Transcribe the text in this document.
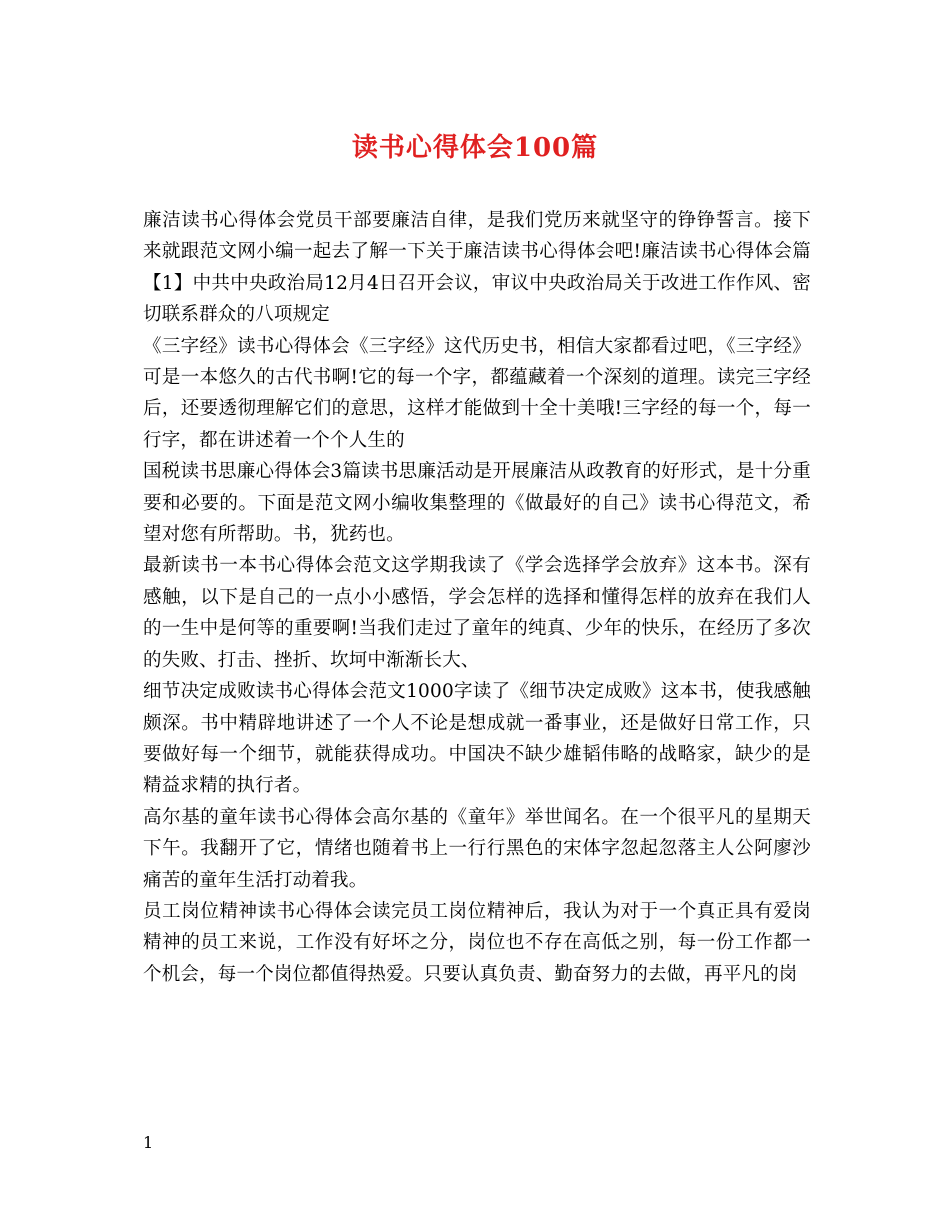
读书心得体会100篇

廉洁读书心得体会党员干部要廉洁自律，是我们党历来就坚守的铮铮誓言。接下来就跟范文网小编一起去了解一下关于廉洁读书心得体会吧!廉洁读书心得体会篇【1】中共中央政治局12月4日召开会议，审议中央政治局关于改进工作作风、密切联系群众的八项规定

《三字经》读书心得体会《三字经》这代历史书，相信大家都看过吧，《三字经》可是一本悠久的古代书啊!它的每一个字，都蕴藏着一个深刻的道理。读完三字经后，还要透彻理解它们的意思，这样才能做到十全十美哦!三字经的每一个，每一行字，都在讲述着一个个人生的

国税读书思廉心得体会3篇读书思廉活动是开展廉洁从政教育的好形式，是十分重要和必要的。下面是范文网小编收集整理的《做最好的自己》读书心得范文，希望对您有所帮助。书，犹药也。

最新读书一本书心得体会范文这学期我读了《学会选择学会放弃》这本书。深有感触，以下是自己的一点小小感悟，学会怎样的选择和懂得怎样的放弃在我们人的一生中是何等的重要啊!当我们走过了童年的纯真、少年的快乐，在经历了多次的失败、打击、挫折、坎坷中渐渐长大、

细节决定成败读书心得体会范文1000字读了《细节决定成败》这本书，使我感触颇深。书中精辟地讲述了一个人不论是想成就一番事业，还是做好日常工作，只要做好每一个细节，就能获得成功。中国决不缺少雄韬伟略的战略家，缺少的是精益求精的执行者。

高尔基的童年读书心得体会高尔基的《童年》举世闻名。在一个很平凡的星期天下午。我翻开了它，情绪也随着书上一行行黑色的宋体字忽起忽落主人公阿廖沙痛苦的童年生活打动着我。

员工岗位精神读书心得体会读完员工岗位精神后，我认为对于一个真正具有爱岗精神的员工来说，工作没有好坏之分，岗位也不存在高低之别，每一份工作都一个机会，每一个岗位都值得热爱。只要认真负责、勤奋努力的去做，再平凡的岗

1
